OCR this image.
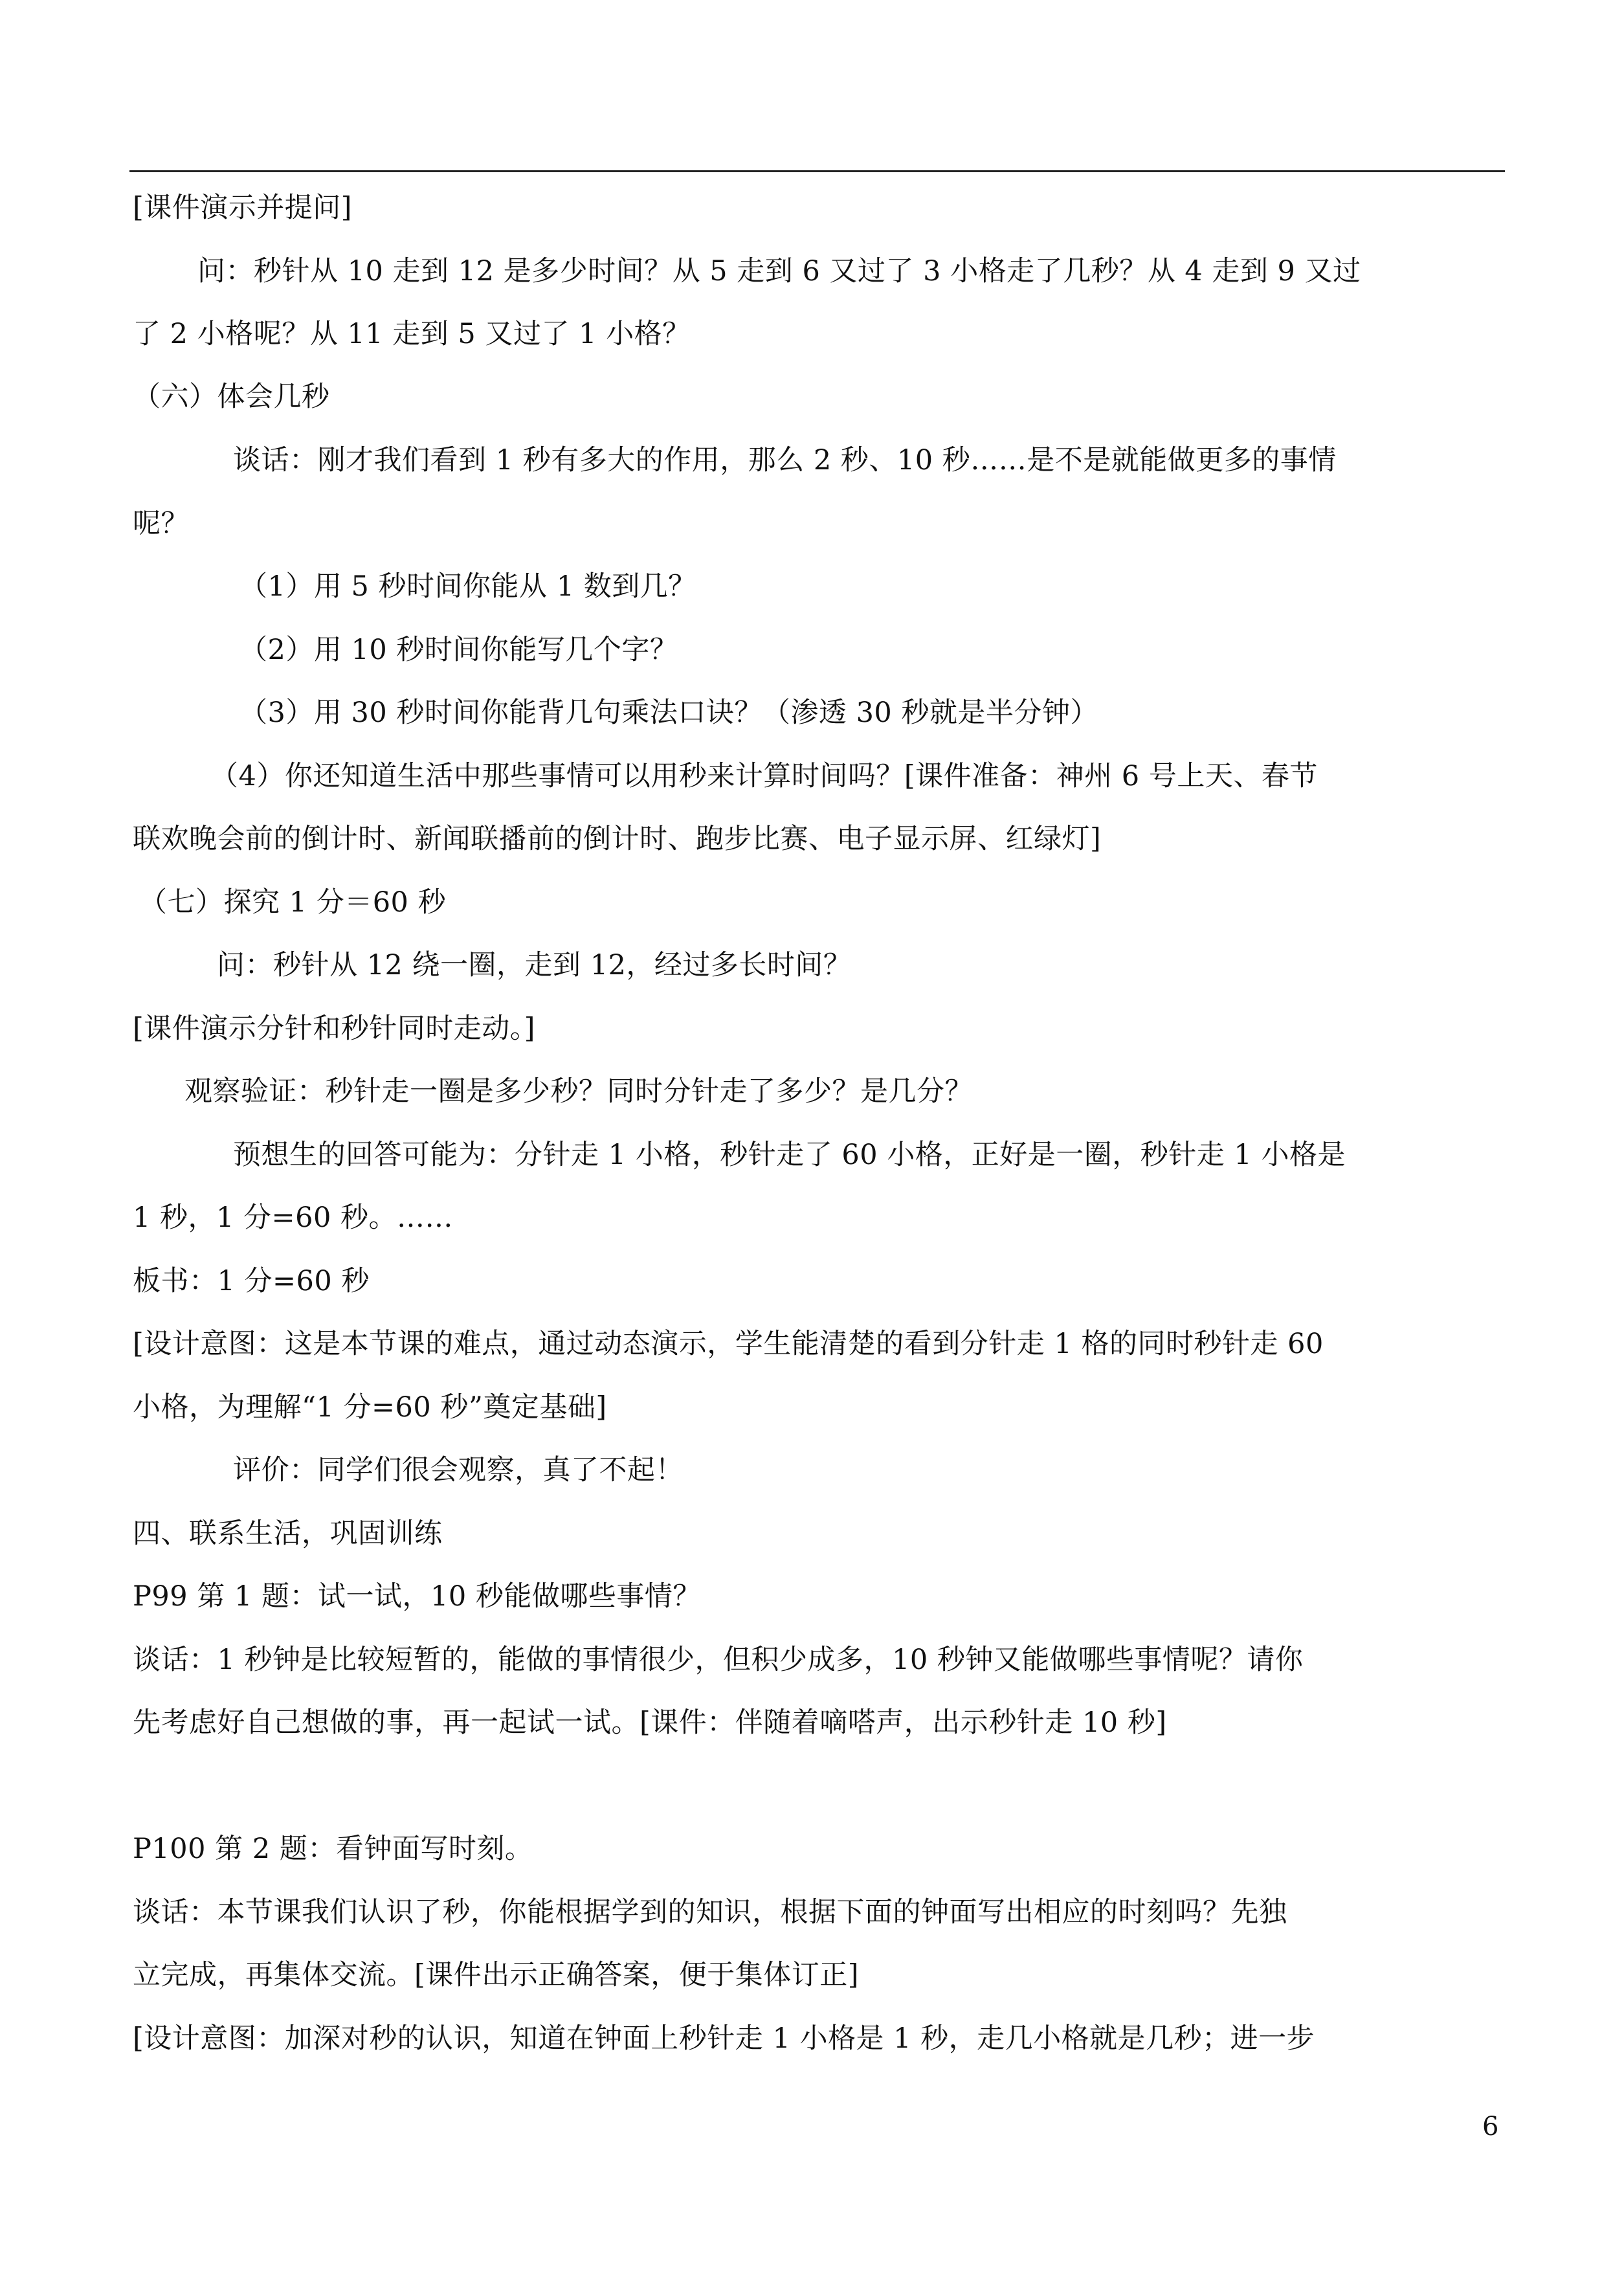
[课件演示并提问]
问：秒针从 10 走到 12 是多少时间？从 5 走到 6 又过了 3 小格走了几秒？从 4 走到 9 又过
了 2 小格呢？从 11 走到 5 又过了 1 小格？
（六）体会几秒
谈话：刚才我们看到 1 秒有多大的作用，那么 2 秒、10 秒……是不是就能做更多的事情
呢？
（1）用 5 秒时间你能从 1 数到几？
（2）用 10 秒时间你能写几个字？
（3）用 30 秒时间你能背几句乘法口诀？（渗透 30 秒就是半分钟）
（4）你还知道生活中那些事情可以用秒来计算时间吗？[课件准备：神州 6 号上天、春节
联欢晚会前的倒计时、新闻联播前的倒计时、跑步比赛、电子显示屏、红绿灯]
（七）探究 1 分＝60 秒
问：秒针从 12 绕一圈，走到 12，经过多长时间？
[课件演示分针和秒针同时走动。]
观察验证：秒针走一圈是多少秒？同时分针走了多少？是几分？
预想生的回答可能为：分针走 1 小格，秒针走了 60 小格，正好是一圈，秒针走 1 小格是
1 秒，1 分=60 秒。……
板书：1 分=60 秒
[设计意图：这是本节课的难点，通过动态演示，学生能清楚的看到分针走 1 格的同时秒针走 60
小格，为理解“1 分=60 秒”奠定基础]
评价：同学们很会观察，真了不起！
四、联系生活，巩固训练
P99 第 1 题：试一试，10 秒能做哪些事情？
谈话：1 秒钟是比较短暂的，能做的事情很少，但积少成多，10 秒钟又能做哪些事情呢？请你
先考虑好自己想做的事，再一起试一试。[课件：伴随着嘀嗒声，出示秒针走 10 秒]
P100 第 2 题：看钟面写时刻。
谈话：本节课我们认识了秒，你能根据学到的知识，根据下面的钟面写出相应的时刻吗？先独
立完成，再集体交流。[课件出示正确答案，便于集体订正]
[设计意图：加深对秒的认识，知道在钟面上秒针走 1 小格是 1 秒，走几小格就是几秒；进一步
6
